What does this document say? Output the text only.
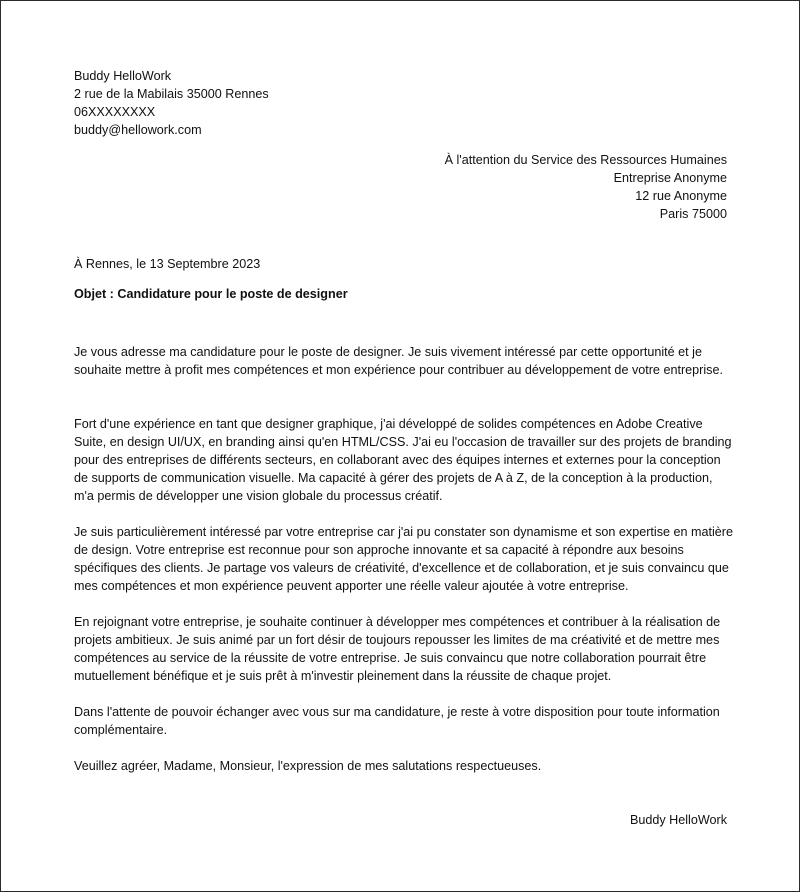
Buddy HelloWork
2 rue de la Mabilais 35000 Rennes
06XXXXXXXX
buddy@hellowork.com
À l'attention du Service des Ressources Humaines
Entreprise Anonyme
12 rue Anonyme
Paris 75000
À Rennes, le 13 Septembre 2023
Objet : Candidature pour le poste de designer

Je vous adresse ma candidature pour le poste de designer. Je suis vivement intéressé par cette opportunité et je souhaite mettre à profit mes compétences et mon expérience pour contribuer au développement de votre entreprise.

Fort d'une expérience en tant que designer graphique, j'ai développé de solides compétences en Adobe Creative Suite, en design UI/UX, en branding ainsi qu'en HTML/CSS. J'ai eu l'occasion de travailler sur des projets de branding pour des entreprises de différents secteurs, en collaborant avec des équipes internes et externes pour la conception de supports de communication visuelle. Ma capacité à gérer des projets de A à Z, de la conception à la production, m'a permis de développer une vision globale du processus créatif.

Je suis particulièrement intéressé par votre entreprise car j'ai pu constater son dynamisme et son expertise en matière de design. Votre entreprise est reconnue pour son approche innovante et sa capacité à répondre aux besoins spécifiques des clients. Je partage vos valeurs de créativité, d'excellence et de collaboration, et je suis convaincu que mes compétences et mon expérience peuvent apporter une réelle valeur ajoutée à votre entreprise.

En rejoignant votre entreprise, je souhaite continuer à développer mes compétences et contribuer à la réalisation de projets ambitieux. Je suis animé par un fort désir de toujours repousser les limites de ma créativité et de mettre mes compétences au service de la réussite de votre entreprise. Je suis convaincu que notre collaboration pourrait être mutuellement bénéfique et je suis prêt à m'investir pleinement dans la réussite de chaque projet.

Dans l'attente de pouvoir échanger avec vous sur ma candidature, je reste à votre disposition pour toute information complémentaire.

Veuillez agréer, Madame, Monsieur, l'expression de mes salutations respectueuses.

Buddy HelloWork
